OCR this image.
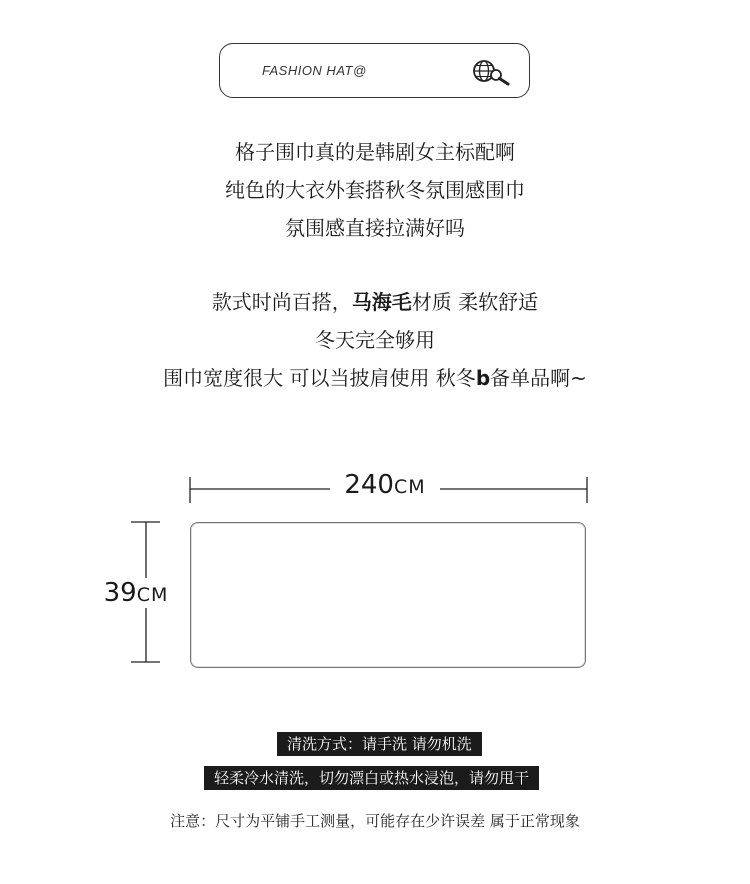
FASHION HAT@
格子围巾真的是韩剧女主标配啊
纯色的大衣外套搭秋冬氛围感围巾
氛围感直接拉满好吗
款式时尚百搭，马海毛材质 柔软舒适
冬天完全够用
围巾宽度很大 可以当披肩使用 秋冬b备单品啊~
240CM
39CM
清洗方式：请手洗 请勿机洗
轻柔冷水清洗，切勿漂白或热水浸泡，请勿甩干
注意：尺寸为平铺手工测量，可能存在少许误差 属于正常现象
